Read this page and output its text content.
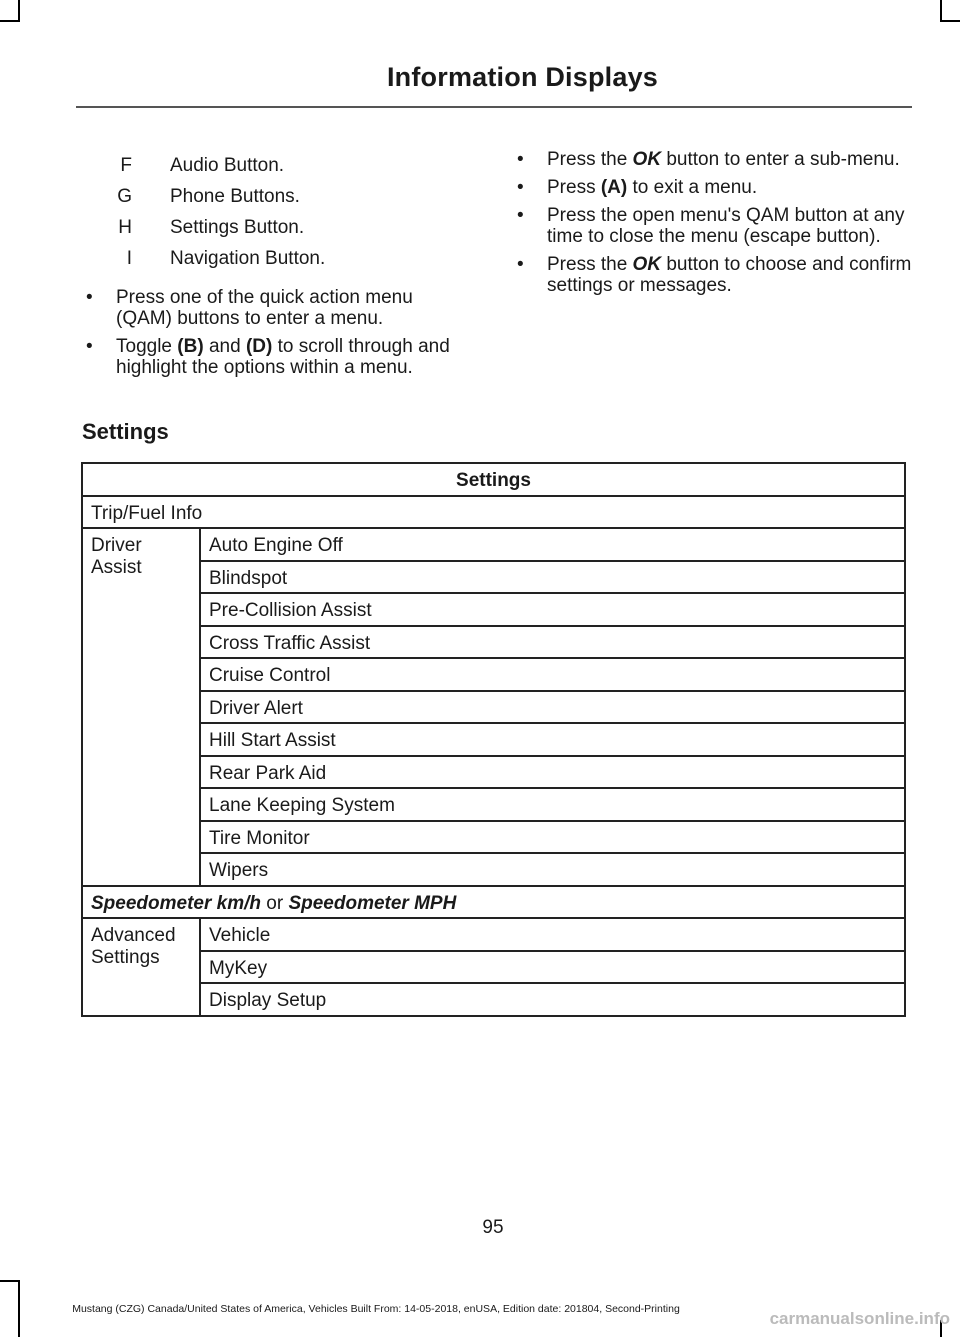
Information Displays
F Audio Button.
G Phone Buttons.
H Settings Button.
I Navigation Button.
• Press one of the quick action menu (QAM) buttons to enter a menu.
• Toggle (B) and (D) to scroll through and highlight the options within a menu.
• Press the OK button to enter a sub-menu.
• Press (A) to exit a menu.
• Press the open menu's QAM button at any time to close the menu (escape button).
• Press the OK button to choose and confirm settings or messages.
Settings
Settings	
Trip/Fuel Info	
Driver Assist	Auto Engine Off
	Blindspot
	Pre-Collision Assist
	Cross Traffic Assist
	Cruise Control
	Driver Alert
	Hill Start Assist
	Rear Park Aid
	Lane Keeping System
	Tire Monitor
	Wipers
Speedometer km/h or Speedometer MPH	
Advanced Settings	Vehicle
	MyKey
	Display Setup
95
Mustang (CZG) Canada/United States of America, Vehicles Built From: 14-05-2018, enUSA, Edition date: 201804, Second-Printing	carmanualsonline.info
